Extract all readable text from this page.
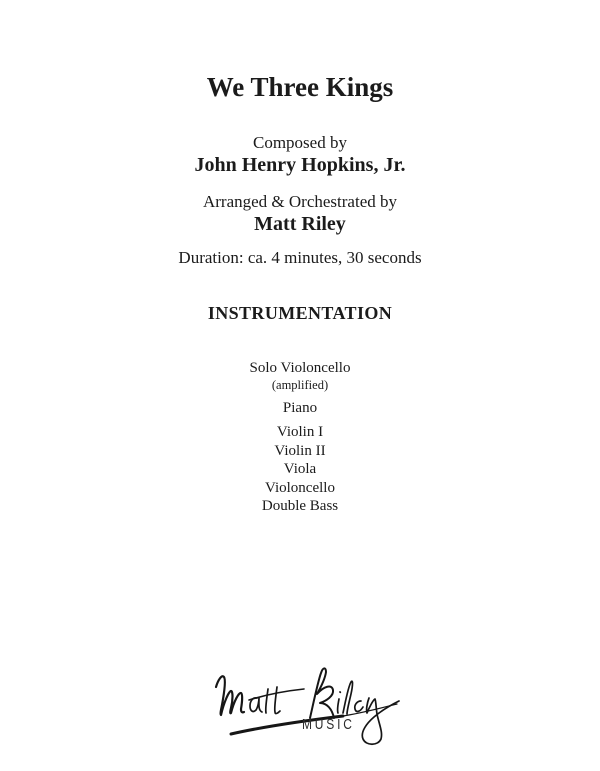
We Three Kings
Composed by
John Henry Hopkins, Jr.
Arranged & Orchestrated by
Matt Riley
Duration: ca. 4 minutes, 30 seconds
INSTRUMENTATION
Solo Violoncello
(amplified)
Piano
Violin I
Violin II
Viola
Violoncello
Double Bass
MUSIC
